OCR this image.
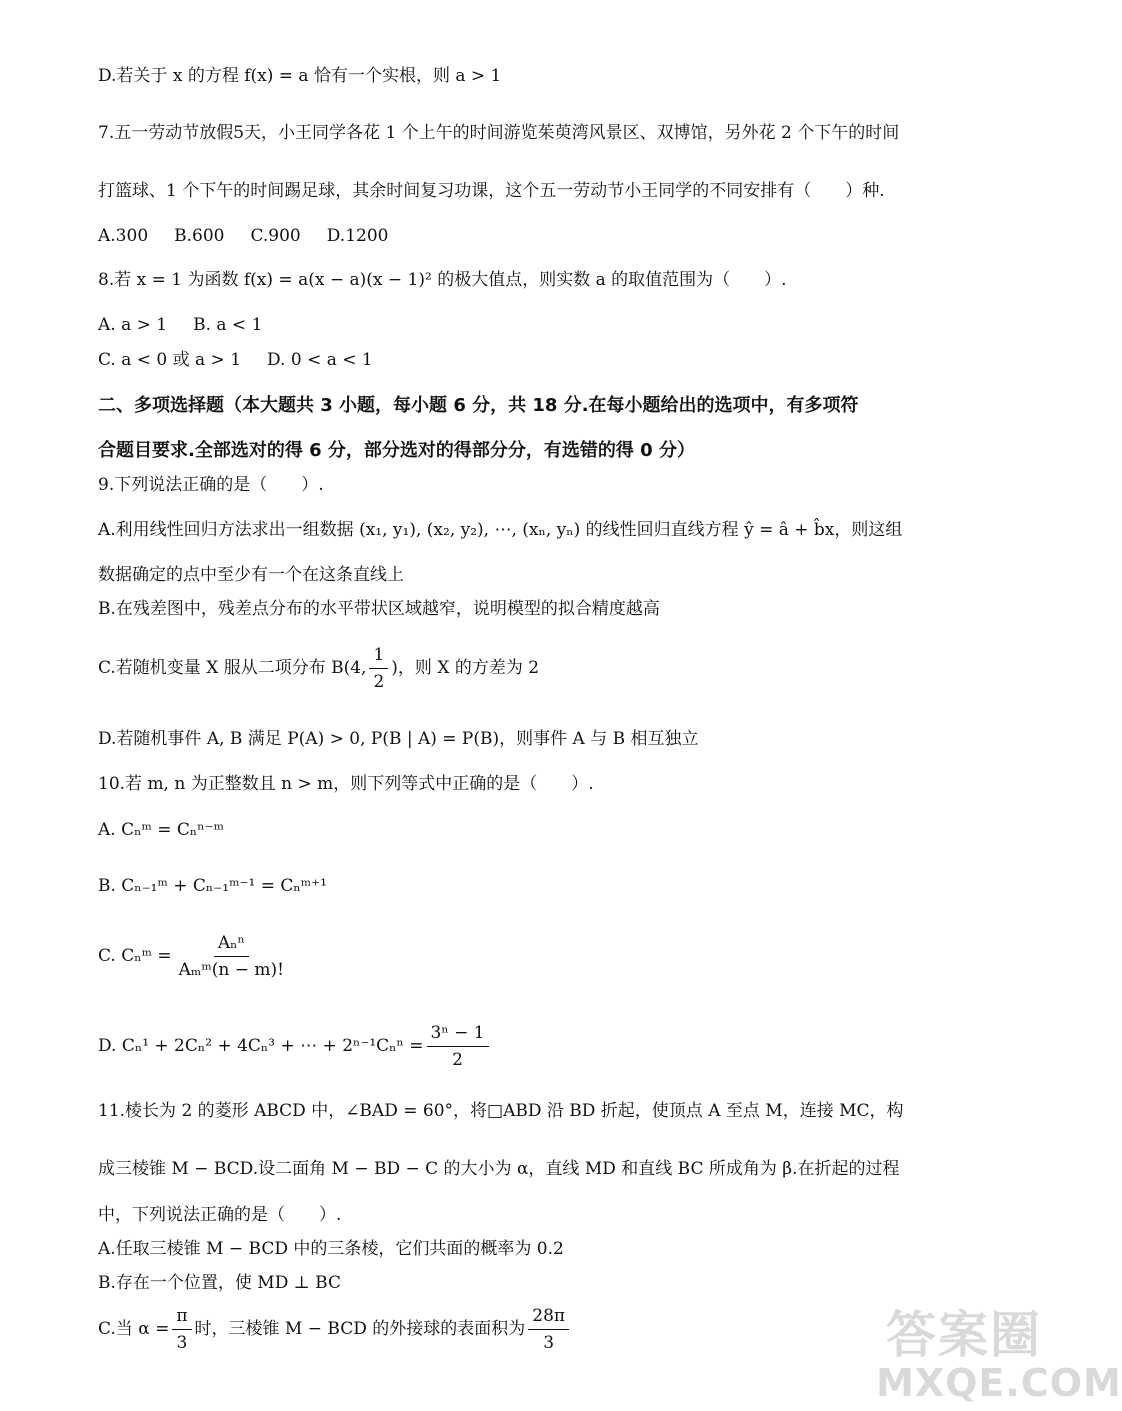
D.若关于 x 的方程 f(x) = a 恰有一个实根，则 a > 1
7.五一劳动节放假5天，小王同学各花 1 个上午的时间游览茱萸湾风景区、双博馆，另外花 2 个下午的时间
打篮球、1 个下午的时间踢足球，其余时间复习功课，这个五一劳动节小王同学的不同安排有（　　）种.
A.300 B.600 C.900 D.1200
8.若 x = 1 为函数 f(x) = a(x − a)(x − 1)² 的极大值点，则实数 a 的取值范围为（　　）.
A. a > 1 B. a < 1
C. a < 0 或 a > 1 D. 0 < a < 1
二、多项选择题（本大题共 3 小题，每小题 6 分，共 18 分.在每小题给出的选项中，有多项符
合题目要求.全部选对的得 6 分，部分选对的得部分分，有选错的得 0 分）
9.下列说法正确的是（　　）.
A.利用线性回归方法求出一组数据 (x₁, y₁), (x₂, y₂), ⋯, (xₙ, yₙ) 的线性回归直线方程 ŷ = â + b̂x，则这组
数据确定的点中至少有一个在这条直线上
B.在残差图中，残差点分布的水平带状区域越窄，说明模型的拟合精度越高
C.若随机变量 X 服从二项分布 B(4, $\frac{1}{2}$ )，则 X 的方差为 2
D.若随机事件 A, B 满足 P(A) > 0, P(B | A) = P(B)，则事件 A 与 B 相互独立
10.若 m, n 为正整数且 n > m，则下列等式中正确的是（　　）.
A. Cₙᵐ = Cₙⁿ⁻ᵐ
B. Cₙ₋₁ᵐ + Cₙ₋₁ᵐ⁻¹ = Cₙᵐ⁺¹
C. Cₙᵐ = $\frac{\text{Aₙⁿ}}{\text{Aₘᵐ(n − m)!}}$
D. Cₙ¹ + 2Cₙ² + 4Cₙ³ + ⋯ + $2^{n-1}C_n^n = \frac{\text{3ⁿ − 1}}{2}$
11.棱长为 2 的菱形 ABCD 中，∠BAD = 60°，将□ABD 沿 BD 折起，使顶点 A 至点 M，连接 MC，构
成三棱锥 M − BCD.设二面角 M − BD − C 的大小为 α，直线 MD 和直线 BC 所成角为 β.在折起的过程
中，下列说法正确的是（　　）.
A.任取三棱锥 M − BCD 中的三条棱，它们共面的概率为 0.2
B.存在一个位置，使 MD ⊥ BC
C.当 $\alpha = \frac{\pi}{3}$ 时，三棱锥 M − BCD 的外接球的表面积为 $\frac{28\pi}{3}$	答案圈
MXQE.COM
